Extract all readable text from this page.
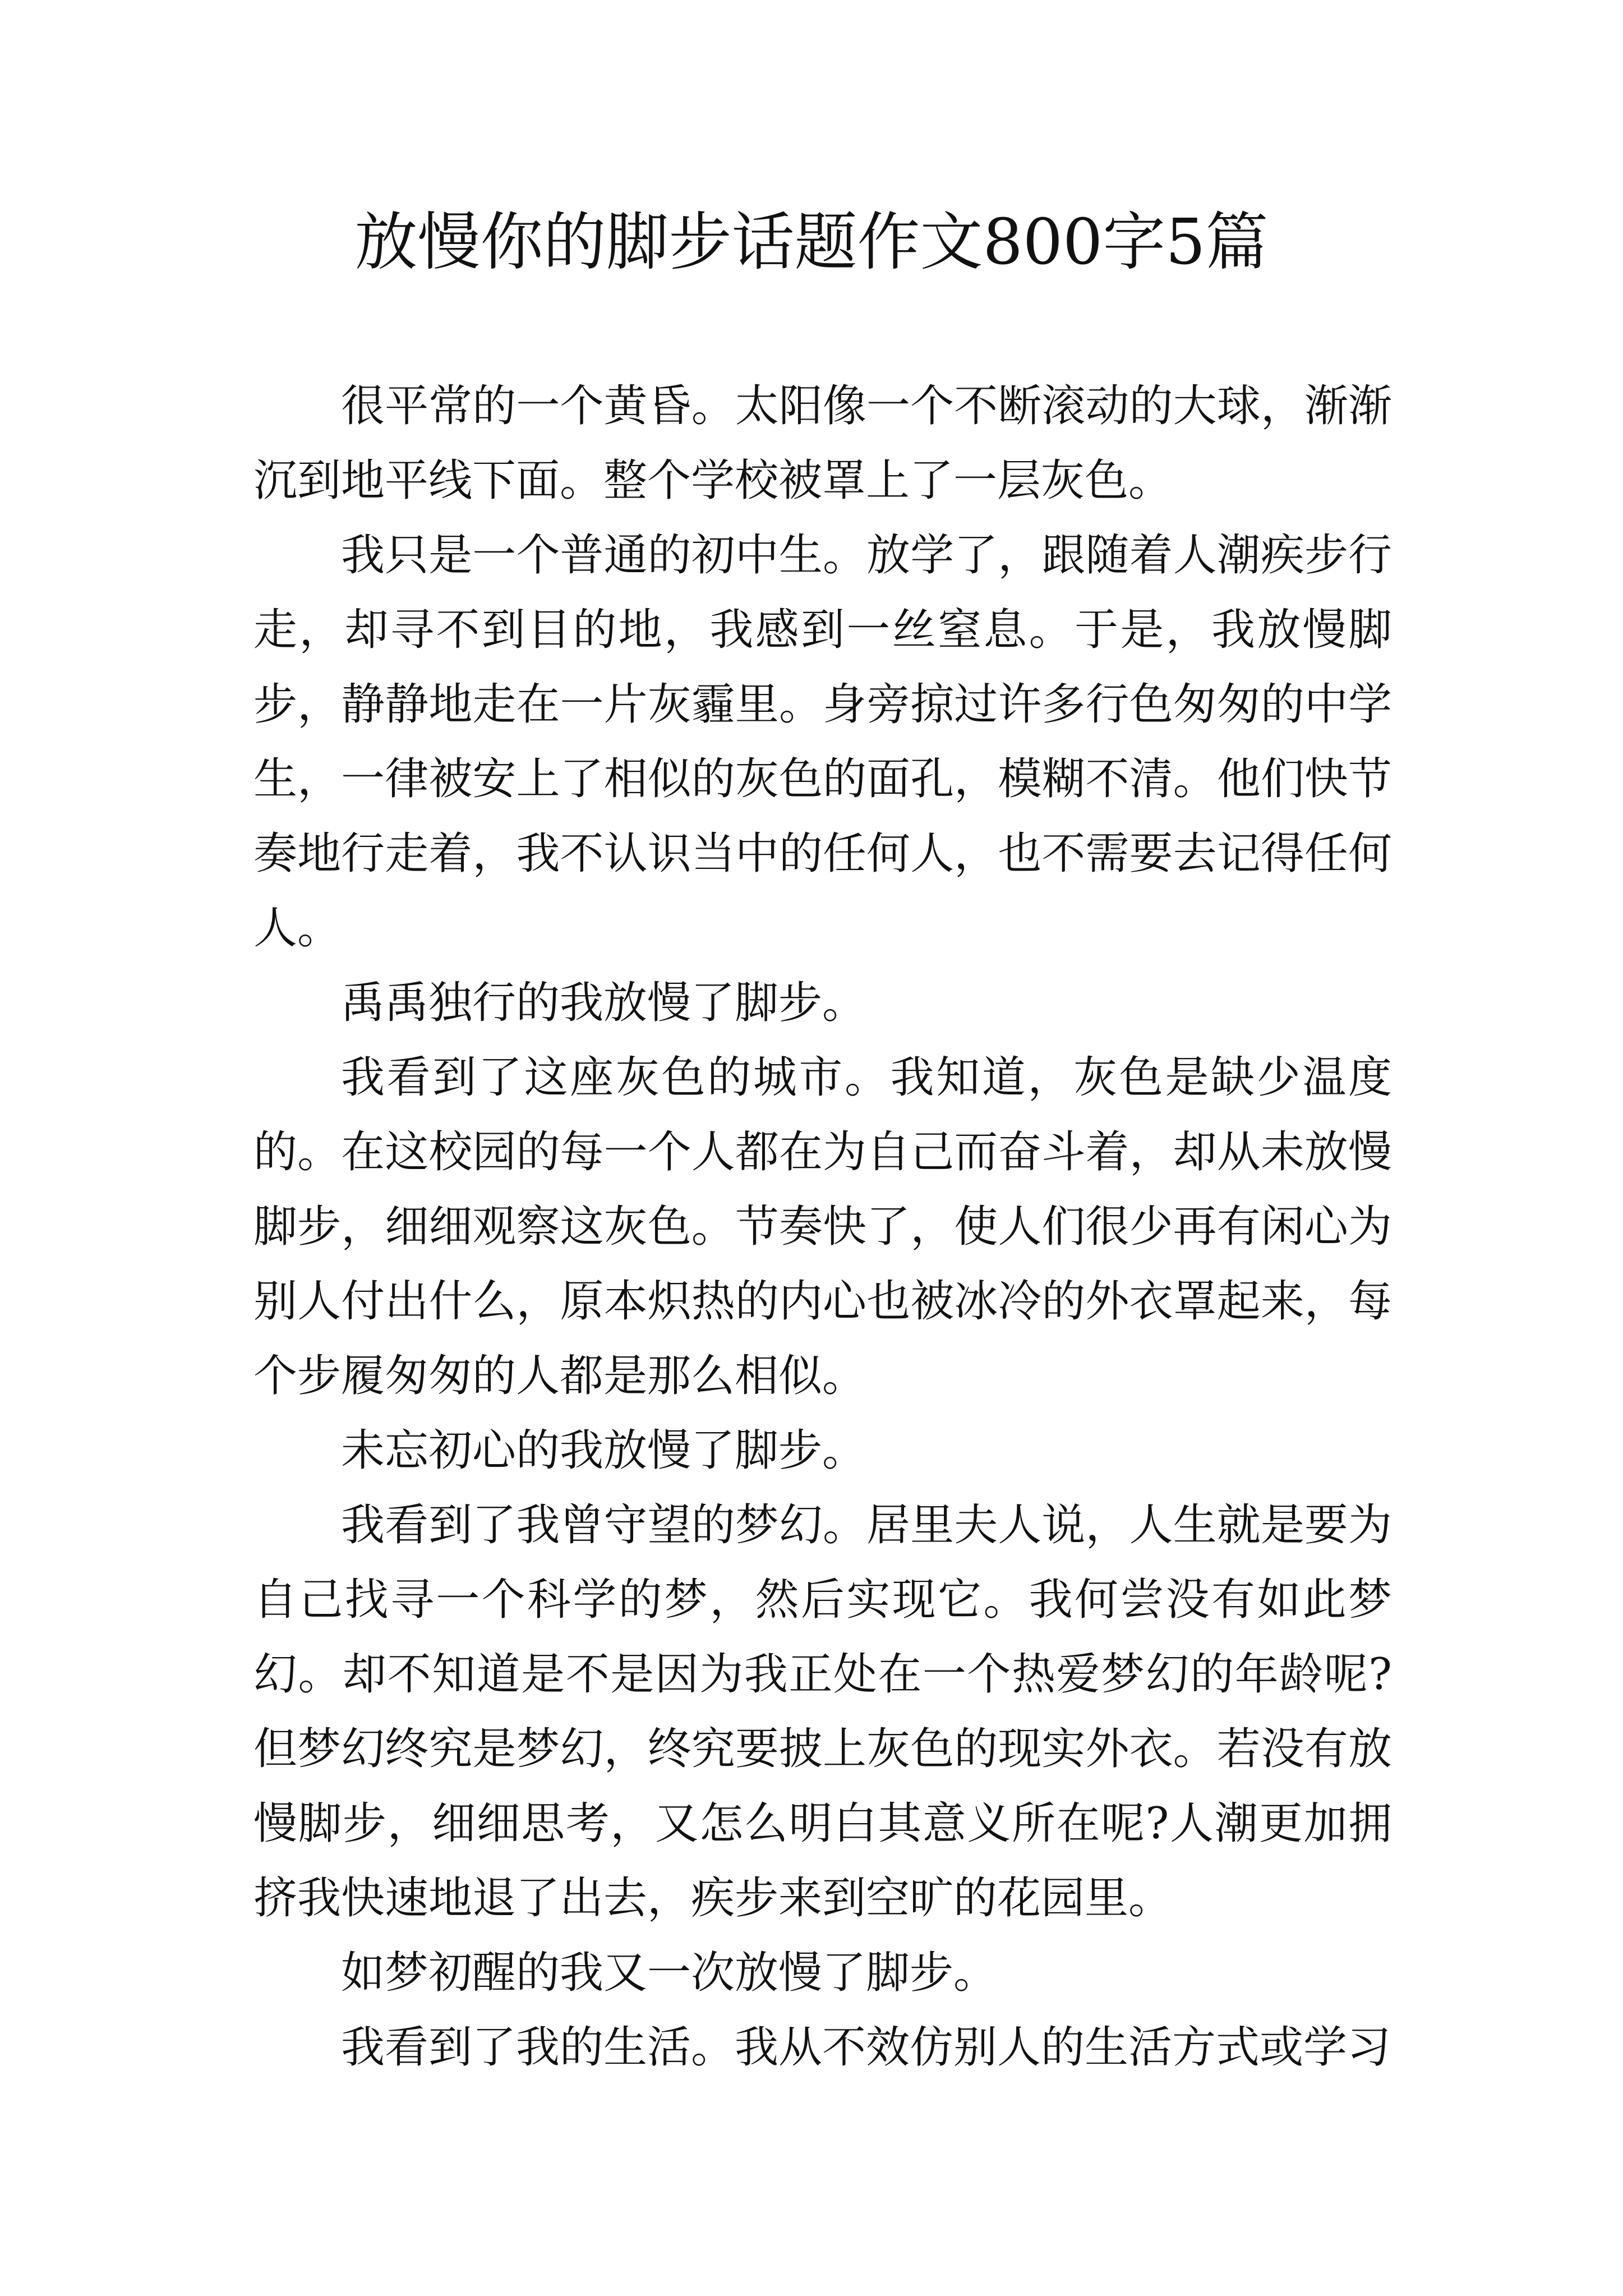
放慢你的脚步话题作文800字5篇

很平常的一个黄昏。太阳像一个不断滚动的大球，渐渐沉到地平线下面。整个学校被罩上了一层灰色。

我只是一个普通的初中生。放学了，跟随着人潮疾步行走，却寻不到目的地，我感到一丝窒息。于是，我放慢脚步，静静地走在一片灰霾里。身旁掠过许多行色匆匆的中学生，一律被安上了相似的灰色的面孔，模糊不清。他们快节奏地行走着，我不认识当中的任何人，也不需要去记得任何人。

禹禹独行的我放慢了脚步。

我看到了这座灰色的城市。我知道，灰色是缺少温度的。在这校园的每一个人都在为自己而奋斗着，却从未放慢脚步，细细观察这灰色。节奏快了，使人们很少再有闲心为别人付出什么，原本炽热的内心也被冰冷的外衣罩起来，每个步履匆匆的人都是那么相似。

未忘初心的我放慢了脚步。

我看到了我曾守望的梦幻。居里夫人说，人生就是要为自己找寻一个科学的梦，然后实现它。我何尝没有如此梦幻。却不知道是不是因为我正处在一个热爱梦幻的年龄呢?但梦幻终究是梦幻，终究要披上灰色的现实外衣。若没有放慢脚步，细细思考，又怎么明白其意义所在呢?人潮更加拥挤我快速地退了出去，疾步来到空旷的花园里。

如梦初醒的我又一次放慢了脚步。

我看到了我的生活。我从不效仿别人的生活方式或学习
